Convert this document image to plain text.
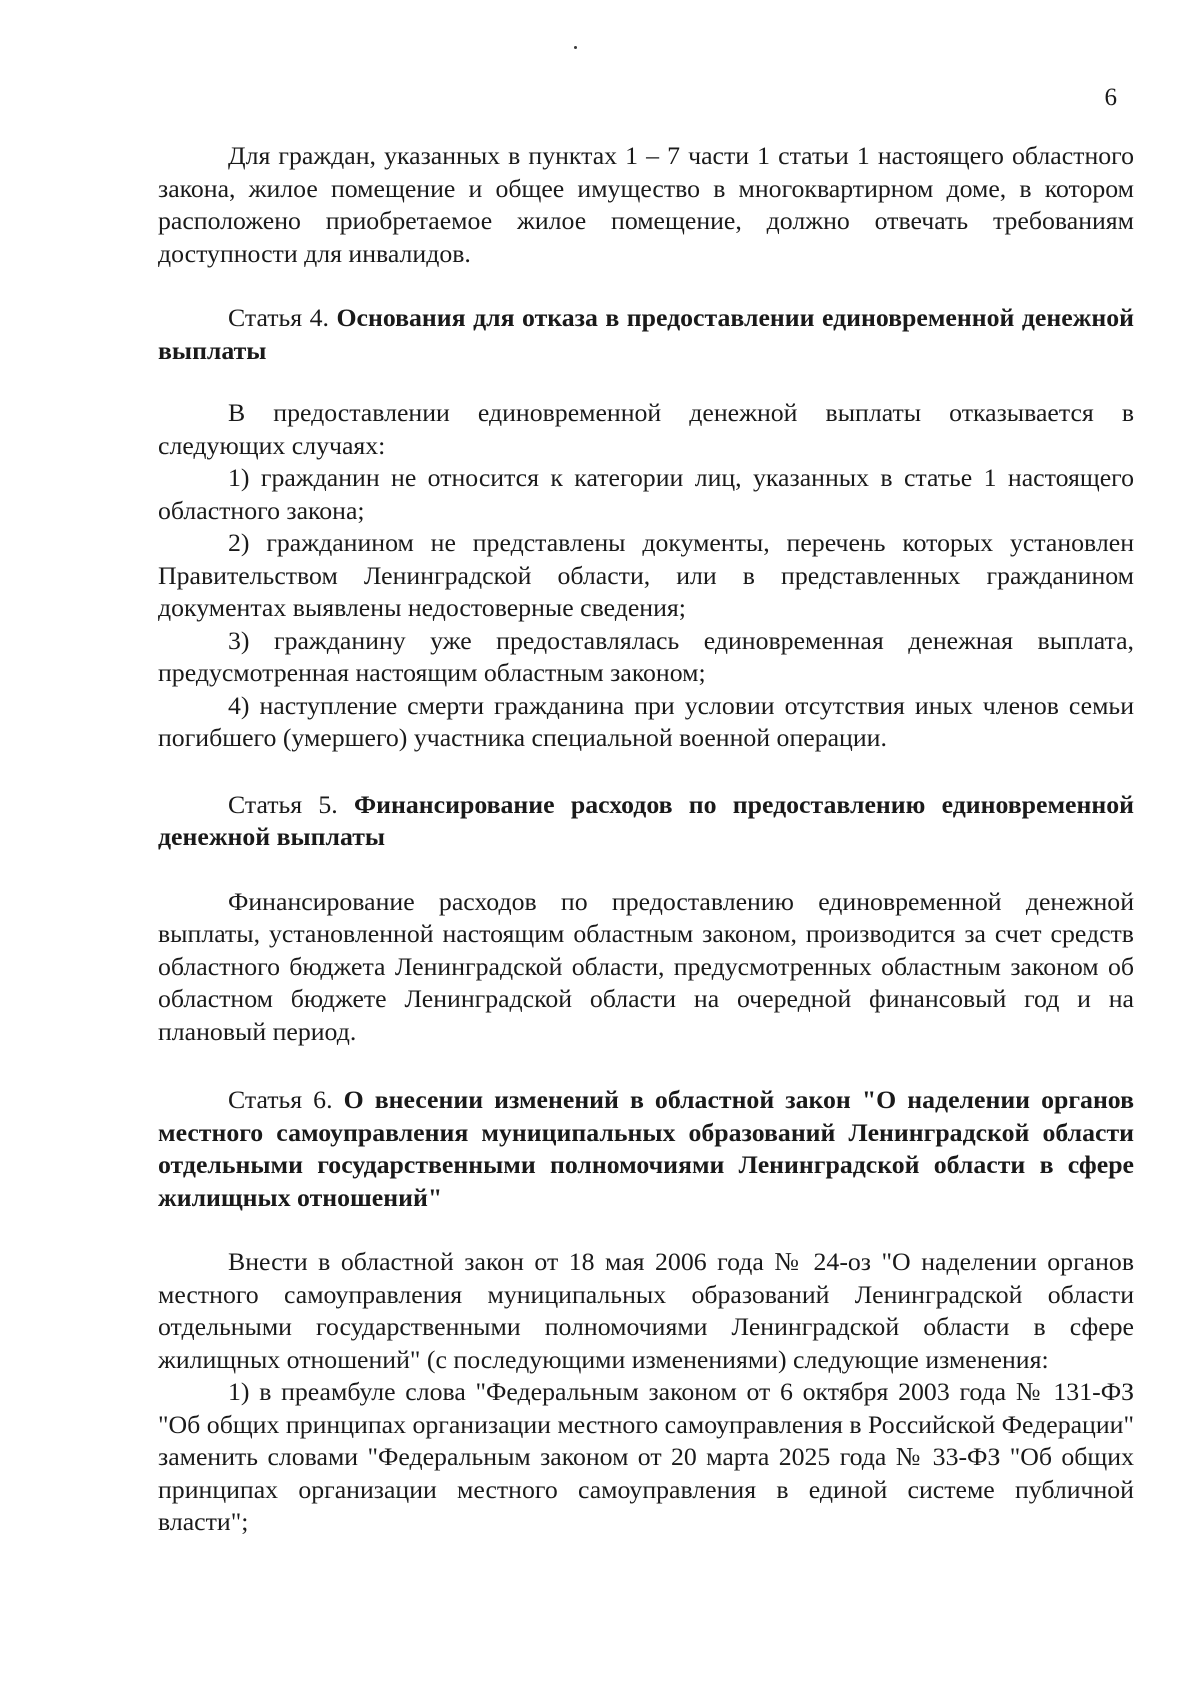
6

Для граждан, указанных в пунктах 1 – 7 части 1 статьи 1 настоящего областного закона, жилое помещение и общее имущество в многоквартирном доме, в котором расположено приобретаемое жилое помещение, должно отвечать требованиям доступности для инвалидов.

Статья 4. Основания для отказа в предоставлении единовременной денежной выплаты

В предоставлении единовременной денежной выплаты отказывается в следующих случаях:

1) гражданин не относится к категории лиц, указанных в статье 1 настоящего областного закона;

2) гражданином не представлены документы, перечень которых установлен Правительством Ленинградской области, или в представленных гражданином документах выявлены недостоверные сведения;

3) гражданину уже предоставлялась единовременная денежная выплата, предусмотренная настоящим областным законом;

4) наступление смерти гражданина при условии отсутствия иных членов семьи погибшего (умершего) участника специальной военной операции.

Статья 5. Финансирование расходов по предоставлению единовременной денежной выплаты

Финансирование расходов по предоставлению единовременной денежной выплаты, установленной настоящим областным законом, производится за счет средств областного бюджета Ленинградской области, предусмотренных областным законом об областном бюджете Ленинградской области на очередной финансовый год и на плановый период.

Статья 6. О внесении изменений в областной закон "О наделении органов местного самоуправления муниципальных образований Ленинградской области отдельными государственными полномочиями Ленинградской области в сфере жилищных отношений"

Внести в областной закон от 18 мая 2006 года № 24-оз "О наделении органов местного самоуправления муниципальных образований Ленинградской области отдельными государственными полномочиями Ленинградской области в сфере жилищных отношений" (с последующими изменениями) следующие изменения:

1) в преамбуле слова "Федеральным законом от 6 октября 2003 года № 131-ФЗ "Об общих принципах организации местного самоуправления в Российской Федерации" заменить словами "Федеральным законом от 20 марта 2025 года № 33-ФЗ "Об общих принципах организации местного самоуправления в единой системе публичной власти";
